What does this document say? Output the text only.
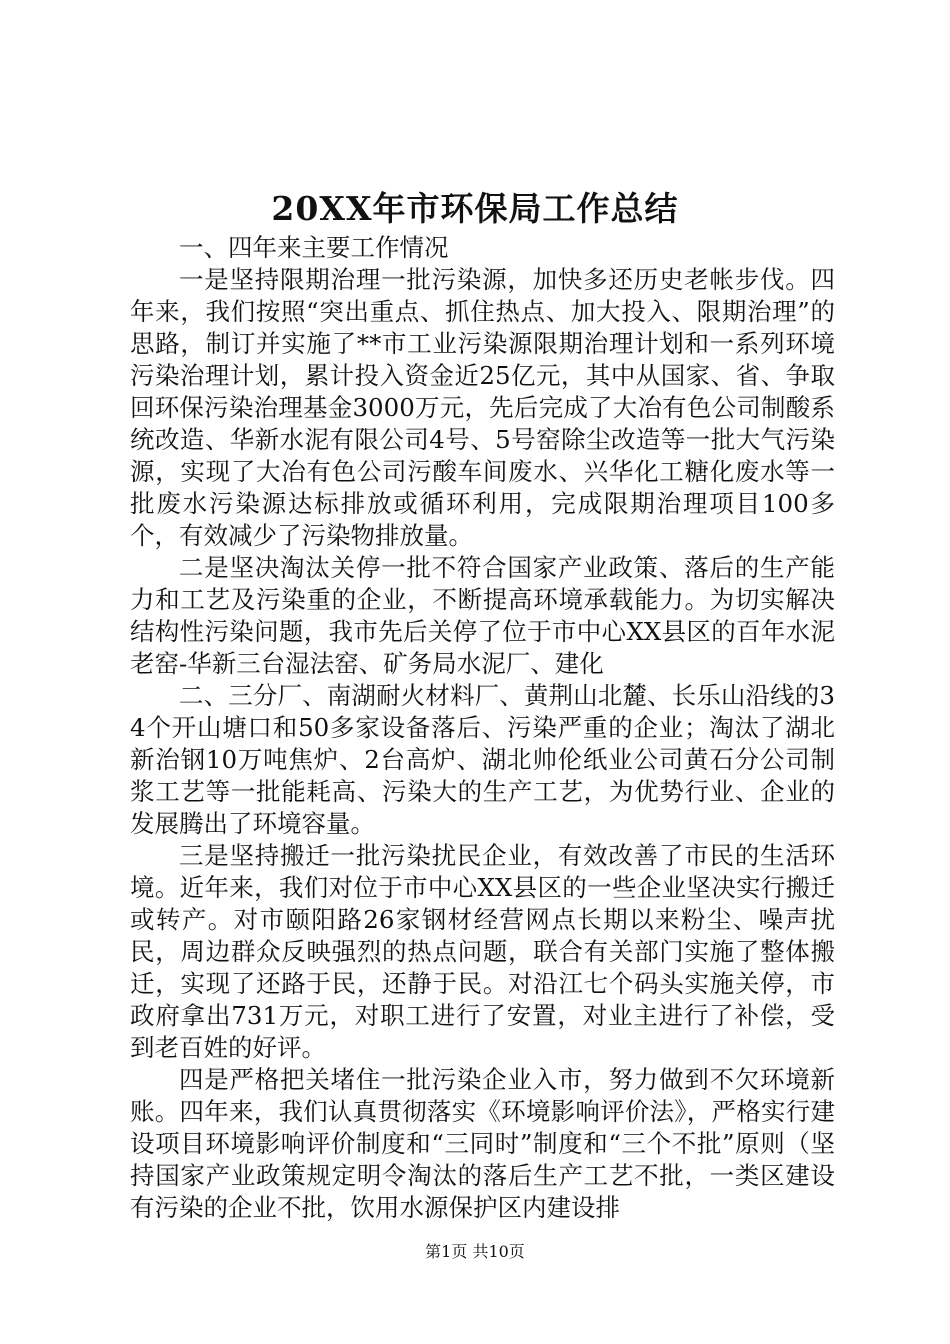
20XX年市环保局工作总结

一、四年来主要工作情况

一是坚持限期治理一批污染源，加快多还历史老帐步伐。四年来，我们按照“突出重点、抓住热点、加大投入、限期治理”的思路，制订并实施了**市工业污染源限期治理计划和一系列环境污染治理计划，累计投入资金近25亿元，其中从国家、省、争取回环保污染治理基金3000万元，先后完成了大冶有色公司制酸系统改造、华新水泥有限公司4号、5号窑除尘改造等一批大气污染源，实现了大冶有色公司污酸车间废水、兴华化工糖化废水等一批废水污染源达标排放或循环利用，完成限期治理项目100多个，有效减少了污染物排放量。

二是坚决淘汰关停一批不符合国家产业政策、落后的生产能力和工艺及污染重的企业，不断提高环境承载能力。为切实解决结构性污染问题，我市先后关停了位于市中心XX县区的百年水泥老窑-华新三台湿法窑、矿务局水泥厂、建化

二、三分厂、南湖耐火材料厂、黄荆山北麓、长乐山沿线的34个开山塘口和50多家设备落后、污染严重的企业；淘汰了湖北新治钢10万吨焦炉、2台高炉、湖北帅伦纸业公司黄石分公司制浆工艺等一批能耗高、污染大的生产工艺，为优势行业、企业的发展腾出了环境容量。

三是坚持搬迁一批污染扰民企业，有效改善了市民的生活环境。近年来，我们对位于市中心XX县区的一些企业坚决实行搬迁或转产。对市颐阳路26家钢材经营网点长期以来粉尘、噪声扰民，周边群众反映强烈的热点问题，联合有关部门实施了整体搬迁，实现了还路于民，还静于民。对沿江七个码头实施关停，市政府拿出731万元，对职工进行了安置，对业主进行了补偿，受到老百姓的好评。

四是严格把关堵住一批污染企业入市，努力做到不欠环境新账。四年来，我们认真贯彻落实《环境影响评价法》，严格实行建设项目环境影响评价制度和“三同时”制度和“三个不批”原则（坚持国家产业政策规定明令淘汰的落后生产工艺不批，一类区建设有污染的企业不批，饮用水源保护区内建设排

第1页 共10页
